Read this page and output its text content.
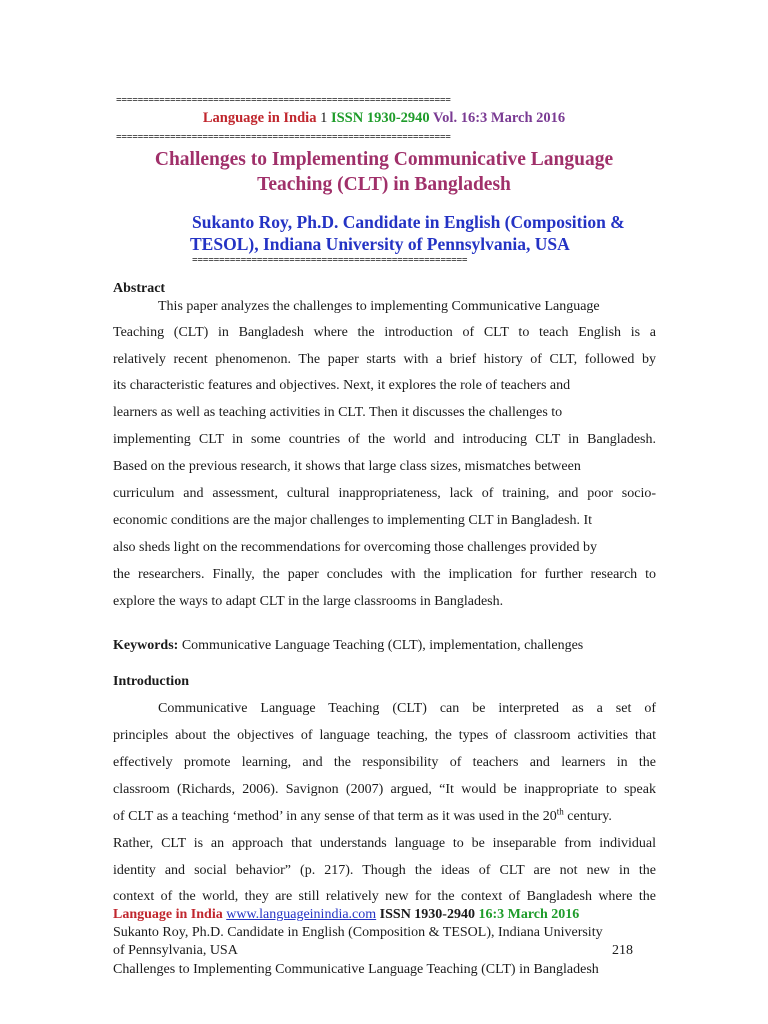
==============================================================
Language in India 1 ISSN 1930-2940 Vol. 16:3 March 2016
==============================================================
Challenges to Implementing Communicative Language
Teaching (CLT) in Bangladesh
Sukanto Roy, Ph.D. Candidate in English (Composition &
TESOL), Indiana University of Pennsylvania, USA
===================================================
Abstract
This paper analyzes the challenges to implementing Communicative Language
Teaching (CLT) in Bangladesh where the introduction of CLT to teach English is a
relatively recent phenomenon. The paper starts with a brief history of CLT, followed by
its characteristic features and objectives. Next, it explores the role of teachers and
learners as well as teaching activities in CLT. Then it discusses the challenges to
implementing CLT in some countries of the world and introducing CLT in Bangladesh.
Based on the previous research, it shows that large class sizes, mismatches between
curriculum and assessment, cultural inappropriateness, lack of training, and poor socio-
economic conditions are the major challenges to implementing CLT in Bangladesh. It
also sheds light on the recommendations for overcoming those challenges provided by
the researchers. Finally, the paper concludes with the implication for further research to
explore the ways to adapt CLT in the large classrooms in Bangladesh.
Keywords: Communicative Language Teaching (CLT), implementation, challenges
Introduction
Communicative Language Teaching (CLT) can be interpreted as a set of
principles about the objectives of language teaching, the types of classroom activities that
effectively promote learning, and the responsibility of teachers and learners in the
classroom (Richards, 2006). Savignon (2007) argued, “It would be inappropriate to speak
of CLT as a teaching ‘method’ in any sense of that term as it was used in the 20th century.
Rather, CLT is an approach that understands language to be inseparable from individual
identity and social behavior” (p. 217). Though the ideas of CLT are not new in the
context of the world, they are still relatively new for the context of Bangladesh where the
Language in India www.languageinindia.com ISSN 1930-2940 16:3 March 2016
Sukanto Roy, Ph.D. Candidate in English (Composition & TESOL), Indiana University
of Pennsylvania, USA	218
Challenges to Implementing Communicative Language Teaching (CLT) in Bangladesh
